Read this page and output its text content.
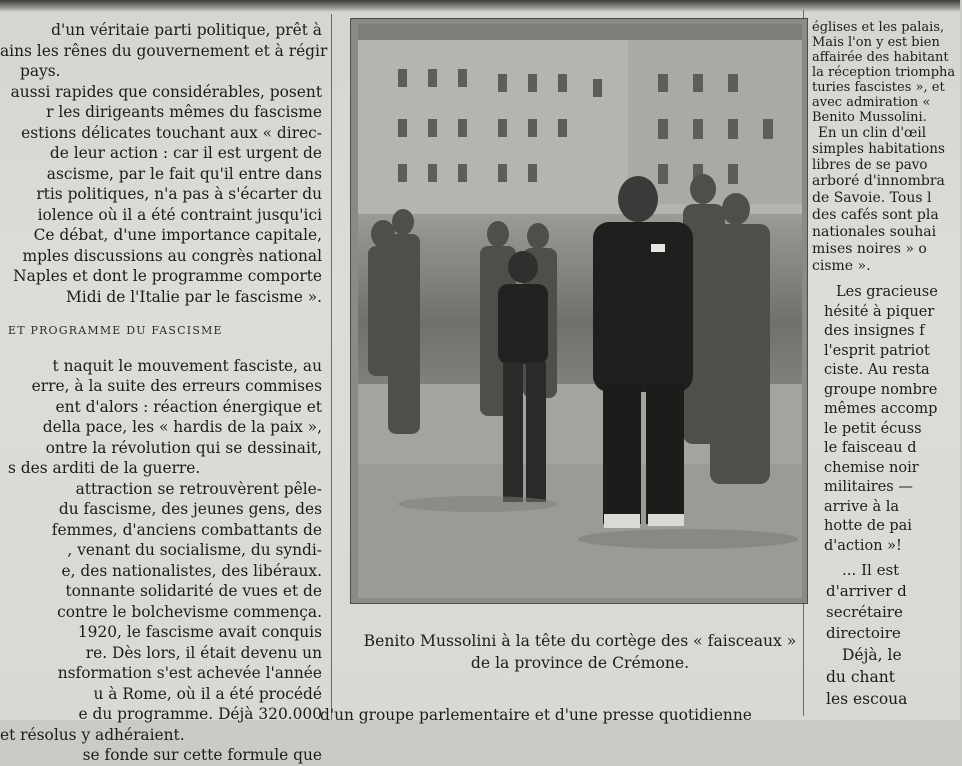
d'un véritaie parti politique, prêt à
ains les rênes du gouvernement et à régir
pays.
aussi rapides que considérables, posent
r les dirigeants mêmes du fascisme
estions délicates touchant aux « direc-
de leur action : car il est urgent de
ascisme, par le fait qu'il entre dans
rtis politiques, n'a pas à s'écarter du
iolence où il a été contraint jusqu'ici
Ce débat, d'une importance capitale,
mples discussions au congrès national
Naples et dont le programme comporte
Midi de l'Italie par le fascisme ».
ET PROGRAMME DU FASCISME
t naquit le mouvement fasciste, au
erre, à la suite des erreurs commises
ent d'alors : réaction énergique et
della pace, les « hardis de la paix »,
ontre la révolution qui se dessinait,
s des arditi de la guerre.
attraction se retrouvèrent pêle-
du fascisme, des jeunes gens, des
femmes, d'anciens combattants de
, venant du socialisme, du syndi-
e, des nationalistes, des libéraux.
tonnante solidarité de vues et de
contre le bolchevisme commença.
1920, le fascisme avait conquis
re. Dès lors, il était devenu un
nsformation s'est achevée l'année
u à Rome, où il a été procédé
e du programme. Déjà 320.000
et résolus y adhéraient.
se fonde sur cette formule que
Benito Mussolini à la tête du cortège des « faisceaux »
de la province de Crémone.
églises et les palais,
Mais l'on y est bien
affairée des habitant
la réception triompha
turies fascistes », et
avec admiration «
Benito Mussolini.
En un clin d'œil
simples habitations
libres de se pavo
arboré d'innombra
de Savoie. Tous l
des cafés sont pla
nationales souhai
mises noires » o
cisme ».
Les gracieuse
hésité à piquer
des insignes f
l'esprit patriot
ciste. Au resta
groupe nombre
mêmes accomp
le petit écuss
le faisceau d
chemise noir
militaires —
arrive à la
hotte de pai
d'action »!
... Il est
d'arriver d
secrétaire
directoire
Déjà, le
du chant
les escoua
d'un groupe parlementaire et d'une presse quotidienne
